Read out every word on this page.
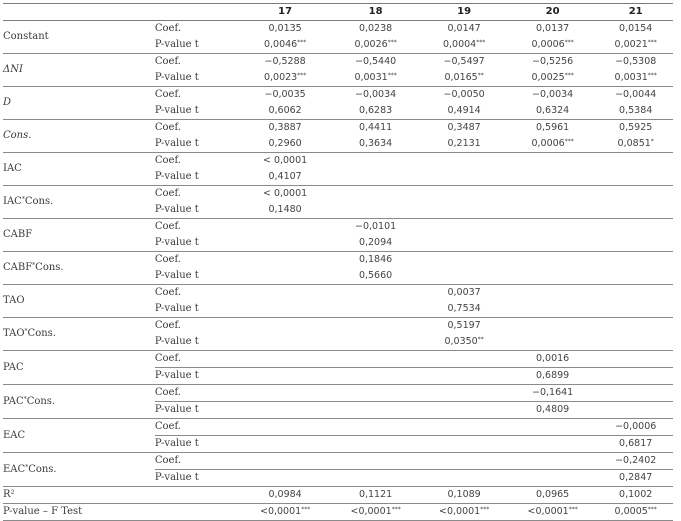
		17	18	19	20	21
Constant	Coef.	0,0135	0,0238	0,0147	0,0137	0,0154
	P-value t	0,0046***	0,0026***	0,0004***	0,0006***	0,0021***
ΔNI	Coef.	−0,5288	−0,5440	−0,5497	−0,5256	−0,5308
	P-value t	0,0023***	0,0031***	0,0165**	0,0025***	0,0031***
D	Coef.	−0,0035	−0,0034	−0,0050	−0,0034	−0,0044
	P-value t	0,6062	0,6283	0,4914	0,6324	0,5384
Cons.	Coef.	0,3887	0,4411	0,3487	0,5961	0,5925
	P-value t	0,2960	0,3634	0,2131	0,0006***	0,0851*
IAC	Coef.	< 0,0001				
	P-value t	0,4107				
IAC*Cons.	Coef.	< 0,0001				
	P-value t	0,1480				
CABF	Coef.		−0,0101			
	P-value t		0,2094			
CABF*Cons.	Coef.		0,1846			
	P-value t		0,5660			
TAO	Coef.			0,0037		
	P-value t			0,7534		
TAO*Cons.	Coef.			0,5197		
	P-value t			0,0350**		
PAC	Coef.				0,0016	
	P-value t				0,6899	
PAC*Cons.	Coef.				−0,1641	
	P-value t				0,4809	
EAC	Coef.					−0,0006
	P-value t					0,6817
EAC*Cons.	Coef.					−0,2402
	P-value t					0,2847
R²		0,0984	0,1121	0,1089	0,0965	0,1002
P-value – F Test		<0,0001***	<0,0001***	<0,0001***	<0,0001***	0,0005***
